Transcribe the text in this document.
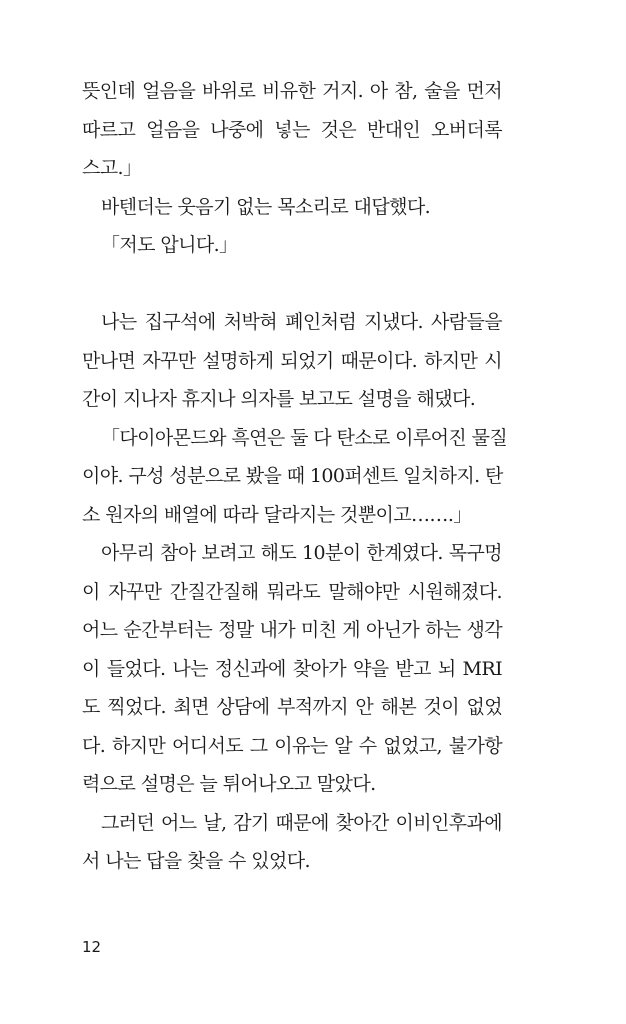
뜻인데 얼음을 바위로 비유한 거지. 아 참, 술을 먼저
따르고 얼음을 나중에 넣는 것은 반대인 오버더록
스고.」
바텐더는 웃음기 없는 목소리로 대답했다.
「저도 압니다.」
나는 집구석에 처박혀 폐인처럼 지냈다. 사람들을
만나면 자꾸만 설명하게 되었기 때문이다. 하지만 시
간이 지나자 휴지나 의자를 보고도 설명을 해댔다.
「다이아몬드와 흑연은 둘 다 탄소로 이루어진 물질
이야. 구성 성분으로 봤을 때 100퍼센트 일치하지. 탄
소 원자의 배열에 따라 달라지는 것뿐이고…….」
아무리 참아 보려고 해도 10분이 한계였다. 목구멍
이 자꾸만 간질간질해 뭐라도 말해야만 시원해졌다.
어느 순간부터는 정말 내가 미친 게 아닌가 하는 생각
이 들었다. 나는 정신과에 찾아가 약을 받고 뇌 MRI
도 찍었다. 최면 상담에 부적까지 안 해본 것이 없었
다. 하지만 어디서도 그 이유는 알 수 없었고, 불가항
력으로 설명은 늘 튀어나오고 말았다.
그러던 어느 날, 감기 때문에 찾아간 이비인후과에
서 나는 답을 찾을 수 있었다.
12
